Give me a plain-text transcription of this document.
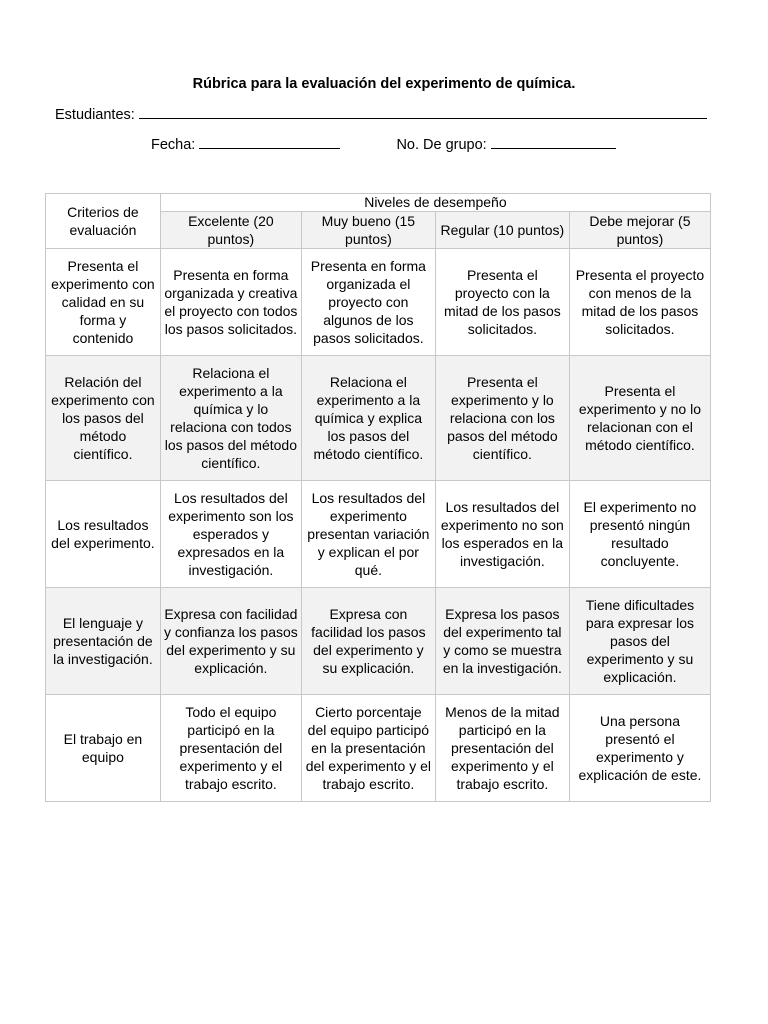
Rúbrica para la evaluación del experimento de química.
Estudiantes:
Fecha:	No. De grupo:
Criterios de evaluación	Niveles de desempeño			
	Excelente (20 puntos)	Muy bueno (15 puntos)	Regular (10 puntos)	Debe mejorar (5 puntos)
Presenta el experimento con calidad en su forma y contenido	Presenta en forma organizada y creativa el proyecto con todos los pasos solicitados.	Presenta en forma organizada el proyecto con algunos de los pasos solicitados.	Presenta el proyecto con la mitad de los pasos solicitados.	Presenta el proyecto con menos de la mitad de los pasos solicitados.
Relación del experimento con los pasos del método científico.	Relaciona el experimento a la química y lo relaciona con todos los pasos del método científico.	Relaciona el experimento a la química y explica los pasos del método científico.	Presenta el experimento y lo relaciona con los pasos del método científico.	Presenta el experimento y no lo relacionan con el método científico.
Los resultados del experimento.	Los resultados del experimento son los esperados y expresados en la investigación.	Los resultados del experimento presentan variación y explican el por qué.	Los resultados del experimento no son los esperados en la investigación.	El experimento no presentó ningún resultado concluyente.
El lenguaje y presentación de la investigación.	Expresa con facilidad y confianza los pasos del experimento y su explicación.	Expresa con facilidad los pasos del experimento y su explicación.	Expresa los pasos del experimento tal y como se muestra en la investigación.	Tiene dificultades para expresar los pasos del experimento y su explicación.
El trabajo en equipo	Todo el equipo participó en la presentación del experimento y el trabajo escrito.	Cierto porcentaje del equipo participó en la presentación del experimento y el trabajo escrito.	Menos de la mitad participó en la presentación del experimento y el trabajo escrito.	Una persona presentó el experimento y explicación de este.
